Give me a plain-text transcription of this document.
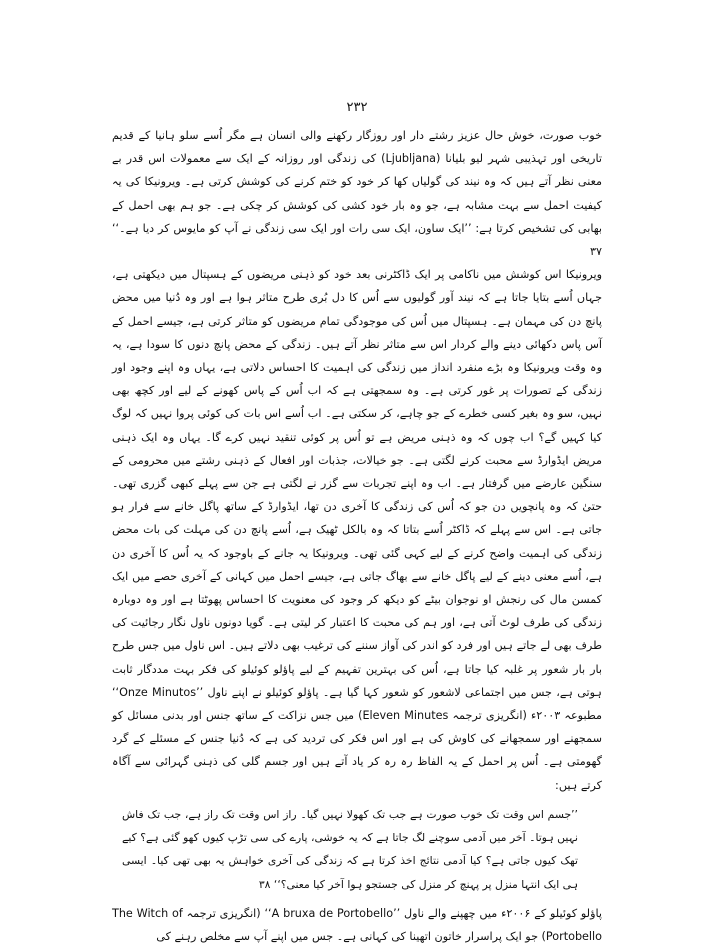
۲۳۲

خوب صورت، خوش حال عزیز رشتے دار اور روزگار رکھنے والی انسان ہے مگر اُسے سلو ہانیا کے قدیم تاریخی اور تہذیبی شہر لیو بلیانا (Ljubljana) کی زندگی اور روزانہ کے ایک سے معمولات اس قدر بے معنی نظر آتے ہیں کہ وہ نیند کی گولیاں کھا کر خود کو ختم کرنے کی کوشش کرتی ہے۔ ویرونیکا کی یہ کیفیت احمل سے بہت مشابہ ہے، جو وہ بار خود کشی کی کوشش کر چکی ہے۔ جو ہم بھی احمل کے بھابی کی تشخیص کرتا ہے: ’’ایک ساون، ایک سی رات اور ایک سی زندگی نے آپ کو مایوس کر دیا ہے۔‘‘ ۳۷

ویرونیکا اس کوشش میں ناکامی پر ایک ڈاکٹرنی بعد خود کو ذہنی مریضوں کے ہسپتال میں دیکھتی ہے، جہاں اُسے بتایا جاتا ہے کہ نیند آور گولیوں سے اُس کا دل بُری طرح متاثر ہوا ہے اور وہ دُنیا میں محض پانچ دن کی مہمان ہے۔ ہسپتال میں اُس کی موجودگی تمام مریضوں کو متاثر کرتی ہے، جیسے احمل کے آس پاس دکھائی دینے والے کردار اس سے متاثر نظر آتے ہیں۔ زندگی کے محض پانچ دنوں کا سودا ہے، یہ وہ وقت ویرونیکا وہ بڑے منفرد انداز میں زندگی کی اہمیت کا احساس دلاتی ہے، یہاں وہ اپنے وجود اور زندگی کے تصورات پر غور کرتی ہے۔ وہ سمجھتی ہے کہ اب اُس کے پاس کھونے کے لیے اور کچھ بھی نہیں، سو وہ بغیر کسی خطرے کے جو چاہے، کر سکتی ہے۔ اب اُسے اس بات کی کوئی پروا نہیں کہ لوگ کیا کہیں گے؟ اب چوں کہ وہ ذہنی مریض ہے تو اُس پر کوئی تنقید نہیں کرے گا۔ یہاں وہ ایک ذہنی مریض ایڈوارڈ سے محبت کرنے لگتی ہے۔ جو خیالات، جذبات اور افعال کے ذہنی رشتے میں محرومی کے سنگین عارضے میں گرفتار ہے۔ اب وہ اپنے تجربات سے گزر نے لگتی ہے جن سے پہلے کبھی گزری تھی۔ حتیٰ کہ وہ پانچویں دن جو کہ اُس کی زندگی کا آخری دن تھا، ایڈوارڈ کے ساتھ پاگل خانے سے فرار ہو جاتی ہے۔ اس سے پہلے کہ ڈاکٹر اُسے بتاتا کہ وہ بالکل ٹھیک ہے، اُسے پانچ دن کی مہلت کی بات محض زندگی کی اہمیت واضح کرنے کے لیے کہی گئی تھی۔ ویرونیکا یہ جانے کے باوجود کہ یہ اُس کا آخری دن ہے، اُسے معنی دینے کے لیے پاگل خانے سے بھاگ جاتی ہے، جیسے احمل میں کہانی کے آخری حصے میں ایک کمسن مال کی رنجش او نوجوان بیٹے کو دیکھ کر وجود کی معنویت کا احساس پھوٹتا ہے اور وہ دوبارہ زندگی کی طرف لوٹ آتی ہے، اور ہم کی محبت کا اعتبار کر لیتی ہے۔ گویا دونوں ناول نگار رجائیت کی طرف بھی لے جاتے ہیں اور فرد کو اندر کی آواز سننے کی ترغیب بھی دلاتے ہیں۔ اس ناول میں جس طرح بار بار شعور پر غلبہ کیا جاتا ہے، اُس کی بہترین تفہیم کے لیے پاؤلو کوئیلو کی فکر بہت مددگار ثابت ہوتی ہے، جس میں اجتماعی لاشعور کو شعور کہا گیا ہے۔ پاؤلو کوئیلو نے اپنے ناول ’’Onze Minutos‘‘ مطبوعہ ۲۰۰۳ء (انگریزی ترجمہ Eleven Minutes) میں جس نزاکت کے ساتھ جنس اور بدنی مسائل کو سمجھنے اور سمجھانے کی کاوش کی ہے اور اس فکر کی تردید کی ہے کہ دُنیا جنس کے مسئلے کے گرد گھومتی ہے۔ اُس پر احمل کے یہ الفاظ رہ رہ کر یاد آتے ہیں اور جسم گلی کی ذہنی گہرائی سے آگاہ کرتے ہیں:

’’جسم اس وقت تک خوب صورت ہے جب تک کھولا نہیں گیا۔ راز اس وقت تک راز ہے، جب تک فاش نہیں ہوتا۔ آخر میں آدمی سوچنے لگ جاتا ہے کہ یہ خوشی، پارے کی سی تڑپ کیوں کھو گئی ہے؟ کیے تھک کیوں جاتی ہے؟ کیا آدمی نتائج اخذ کرتا ہے کہ زندگی کی آخری خواہش یہ بھی تھی کیا۔ ایسی ہی ایک انتہا منزل پر پہنچ کر منزل کی جستجو ہوا آخر کیا معنی؟‘‘ ۳۸

پاؤلو کوئیلو کے ۲۰۰۶ء میں چھپنے والے ناول ’’A bruxa de Portobello‘‘ (انگریزی ترجمہ The Witch of Portobello) جو ایک پراسرار خاتون اتھینا کی کہانی ہے۔ جس میں اپنے آپ سے مخلص رہنے کی
